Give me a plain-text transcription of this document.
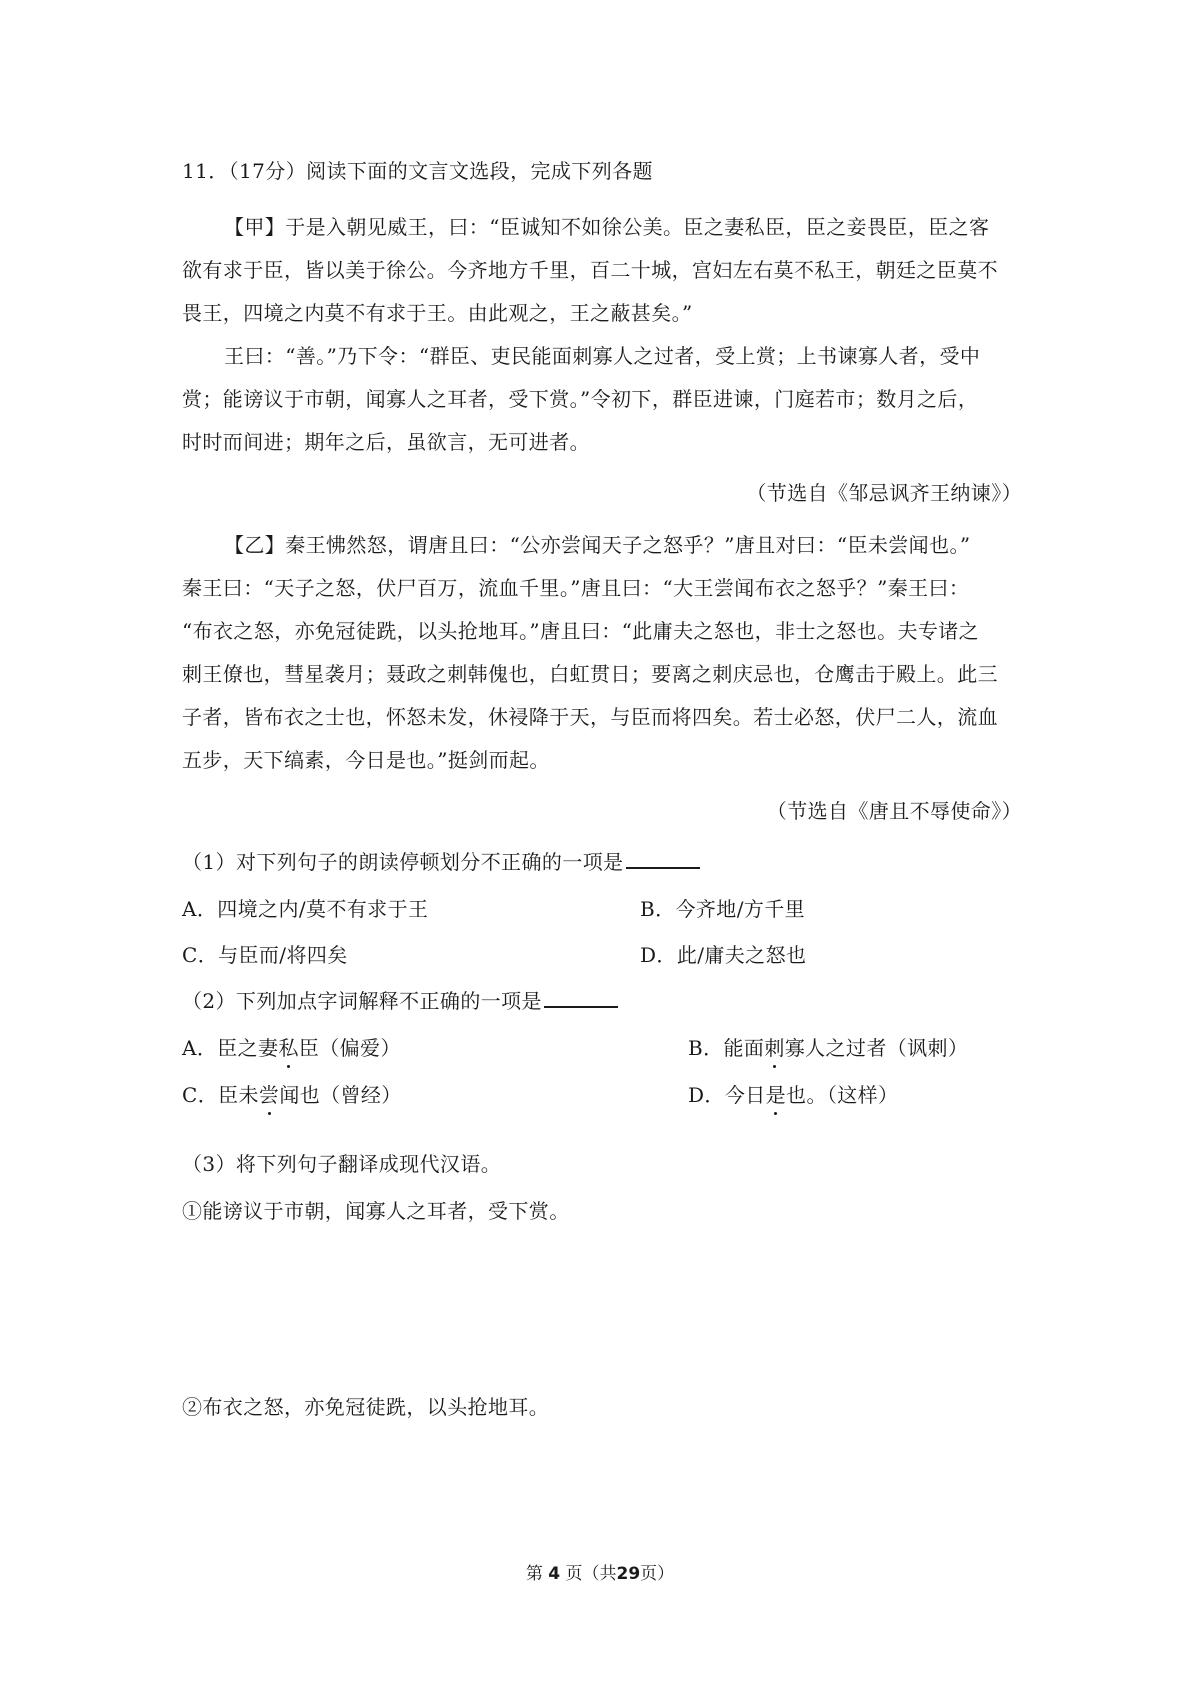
11．（17分）阅读下面的文言文选段，完成下列各题
【甲】于是入朝见威王，曰：“臣诚知不如徐公美。臣之妻私臣，臣之妾畏臣，臣之客
欲有求于臣，皆以美于徐公。今齐地方千里，百二十城，宫妇左右莫不私王，朝廷之臣莫不
畏王，四境之内莫不有求于王。由此观之，王之蔽甚矣。”
王曰：“善。”乃下令：“群臣、吏民能面刺寡人之过者，受上赏；上书谏寡人者，受中
赏；能谤议于市朝，闻寡人之耳者，受下赏。”令初下，群臣进谏，门庭若市；数月之后，
时时而间进；期年之后，虽欲言，无可进者。
（节选自《邹忌讽齐王纳谏》）
【乙】秦王怫然怒，谓唐且曰：“公亦尝闻天子之怒乎？”唐且对曰：“臣未尝闻也。”
秦王曰：“天子之怒，伏尸百万，流血千里。”唐且曰：“大王尝闻布衣之怒乎？”秦王曰：
“布衣之怒，亦免冠徒跣，以头抢地耳。”唐且曰：“此庸夫之怒也，非士之怒也。夫专诸之
刺王僚也，彗星袭月；聂政之刺韩傀也，白虹贯日；要离之刺庆忌也，仓鹰击于殿上。此三
子者，皆布衣之士也，怀怒未发，休祲降于天，与臣而将四矣。若士必怒，伏尸二人，流血
五步，天下缟素，今日是也。”挺剑而起。
（节选自《唐且不辱使命》）
（1）对下列句子的朗读停顿划分不正确的一项是
A．四境之内/莫不有求于王	B．今齐地/方千里
C．与臣而/将四矣	D．此/庸夫之怒也
（2）下列加点字词解释不正确的一项是
A．臣之妻私臣（偏爱）	B．能面刺寡人之过者（讽刺）
C．臣未尝闻也（曾经）	D．今日是也。（这样）
（3）将下列句子翻译成现代汉语。
①能谤议于市朝，闻寡人之耳者，受下赏。
②布衣之怒，亦免冠徒跣，以头抢地耳。
第 4 页（共29页）
